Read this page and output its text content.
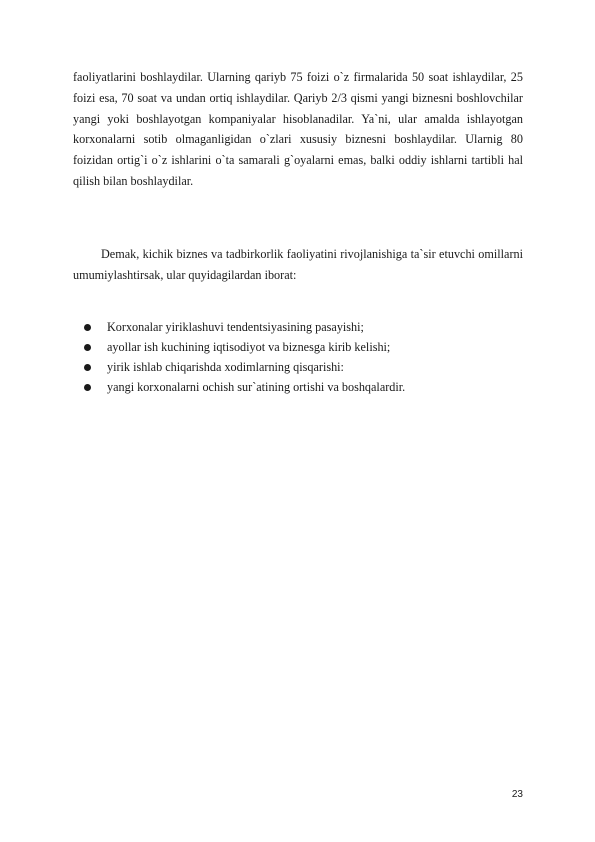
faoliyatlarini boshlaydilar. Ularning qariyb 75 foizi o`z firmalarida 50 soat ishlaydilar, 25 foizi esa, 70 soat va undan ortiq ishlaydilar. Qariyb 2/3 qismi yangi biznesni boshlovchilar yangi yoki boshlayotgan kompaniyalar hisoblanadilar. Ya`ni, ular amalda ishlayotgan korxonalarni sotib olmaganligidan o`zlari xususiy biznesni boshlaydilar. Ularnig 80 foizidan ortig`i o`z ishlarini o`ta samarali g`oyalarni emas, balki oddiy ishlarni tartibli hal qilish bilan boshlaydilar.

Demak, kichik biznes va tadbirkorlik faoliyatini rivojlanishiga ta`sir etuvchi omillarni umumiylashtirsak, ular quyidagilardan iborat:

Korxonalar yiriklashuvi tendentsiyasining pasayishi;
ayollar ish kuchining iqtisodiyot va biznesga kirib kelishi;
yirik ishlab chiqarishda xodimlarning qisqarishi:
yangi korxonalarni ochish sur`atining ortishi va boshqalardir.
23
